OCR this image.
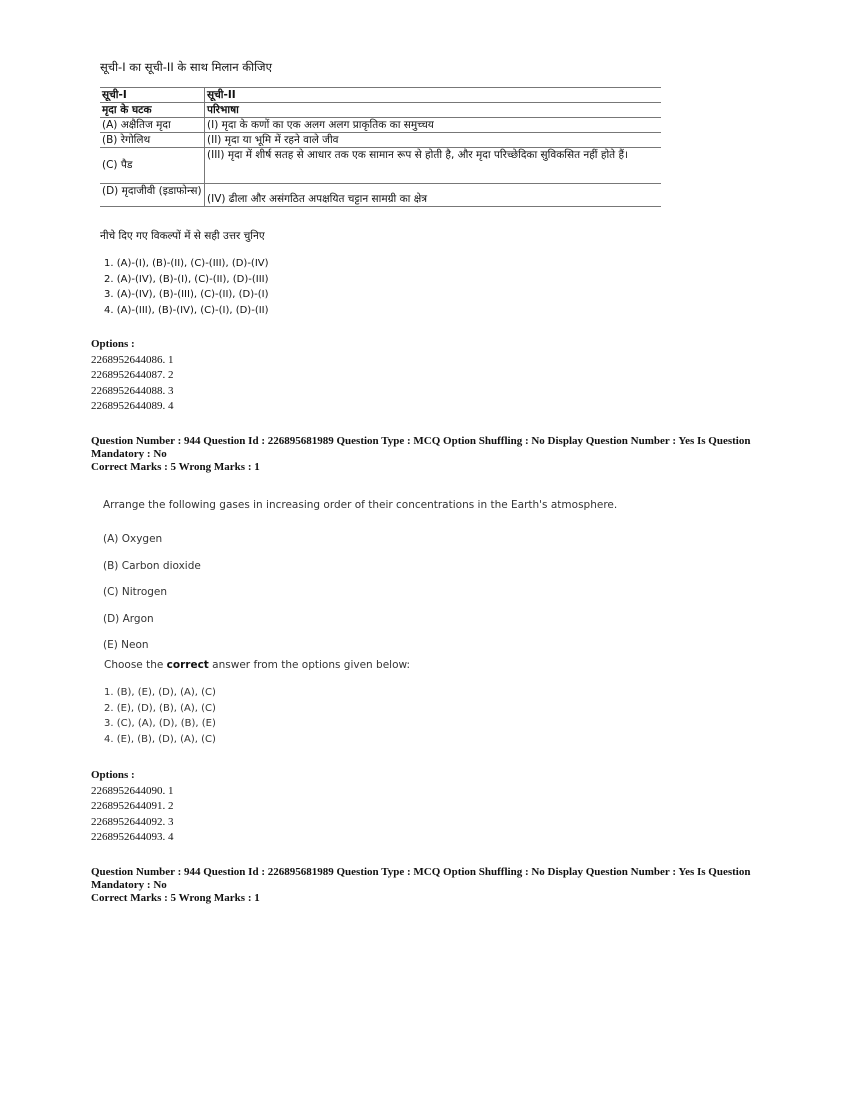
सूची-I का सूची-II के साथ मिलान कीजिए
सूची-I	सूची-II
मृदा के घटक	परिभाषा
(A) अक्षैतिज मृदा	(I) मृदा के कणों का एक अलग अलग प्राकृतिक का समुच्चय
(B) रेगोलिथ	(II) मृदा या भूमि में रहने वाले जीव
(C) पैड	(III) मृदा में शीर्ष सतह से आधार तक एक सामान रूप से होती है, और मृदा परिच्छेदिका सुविकसित नहीं होते हैं।
(D) मृदाजीवी (इडाफोन्स)	(IV) ढीला और असंगठित अपक्षयित चट्टान सामग्री का क्षेत्र
नीचे दिए गए विकल्पों में से सही उत्तर चुनिए
1. (A)-(I), (B)-(II), (C)-(III), (D)-(IV)
2. (A)-(IV), (B)-(I), (C)-(II), (D)-(III)
3. (A)-(IV), (B)-(III), (C)-(II), (D)-(I)
4. (A)-(III), (B)-(IV), (C)-(I), (D)-(II)
Options :
2268952644086. 1
2268952644087. 2
2268952644088. 3
2268952644089. 4
Question Number : 944 Question Id : 226895681989 Question Type : MCQ Option Shuffling : No Display Question Number : Yes Is Question
Mandatory : No
Correct Marks : 5 Wrong Marks : 1
Arrange the following gases in increasing order of their concentrations in the Earth's atmosphere.
(A) Oxygen
(B) Carbon dioxide
(C) Nitrogen
(D) Argon
(E) Neon
Choose the correct answer from the options given below:
1. (B), (E), (D), (A), (C)
2. (E), (D), (B), (A), (C)
3. (C), (A), (D), (B), (E)
4. (E), (B), (D), (A), (C)
Options :
2268952644090. 1
2268952644091. 2
2268952644092. 3
2268952644093. 4
Question Number : 944 Question Id : 226895681989 Question Type : MCQ Option Shuffling : No Display Question Number : Yes Is Question
Mandatory : No
Correct Marks : 5 Wrong Marks : 1
